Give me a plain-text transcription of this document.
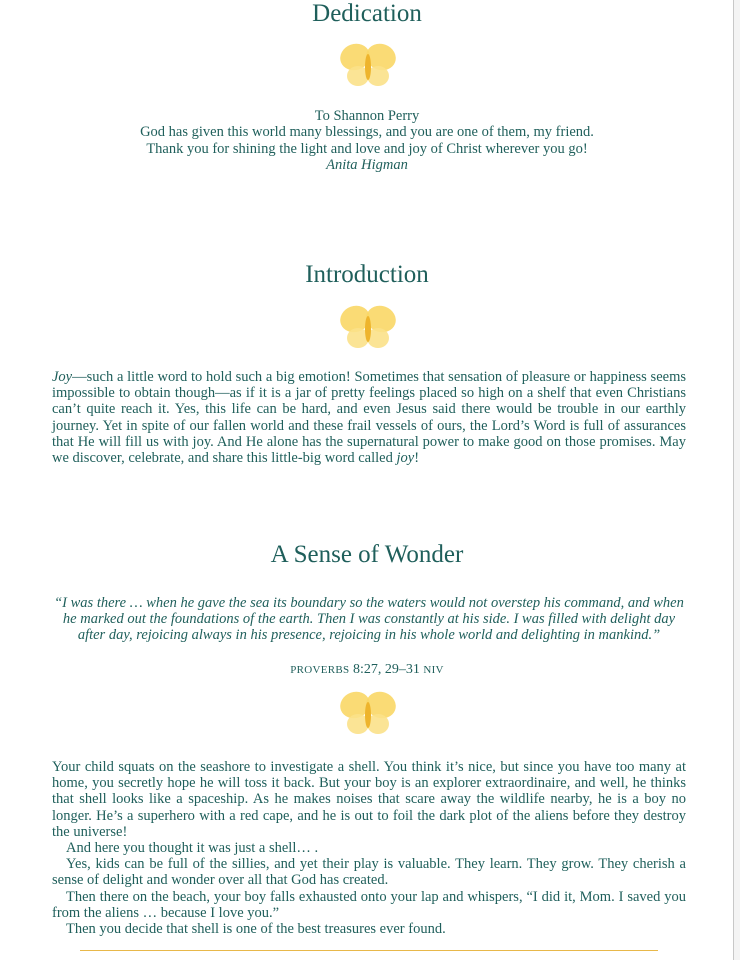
Dedication
To Shannon Perry
God has given this world many blessings, and you are one of them, my friend.
Thank you for shining the light and love and joy of Christ wherever you go!
Anita Higman
Introduction
Joy—such a little word to hold such a big emotion! Sometimes that sensation of pleasure or happiness seems impossible to obtain though—as if it is a jar of pretty feelings placed so high on a shelf that even Christians can’t quite reach it. Yes, this life can be hard, and even Jesus said there would be trouble in our earthly journey. Yet in spite of our fallen world and these frail vessels of ours, the Lord’s Word is full of assurances that He will fill us with joy. And He alone has the supernatural power to make good on those promises. May we discover, celebrate, and share this little-big word called joy!
A Sense of Wonder
“I was there … when he gave the sea its boundary so the waters would not overstep his command, and when he marked out the foundations of the earth. Then I was constantly at his side. I was filled with delight day after day, rejoicing always in his presence, rejoicing in his whole world and delighting in mankind.”
PROVERBS 8:27, 29–31 NIV

Your child squats on the seashore to investigate a shell. You think it’s nice, but since you have too many at home, you secretly hope he will toss it back. But your boy is an explorer extraordinaire, and well, he thinks that shell looks like a spaceship. As he makes noises that scare away the wildlife nearby, he is a boy no longer. He’s a superhero with a red cape, and he is out to foil the dark plot of the aliens before they destroy the universe!

And here you thought it was just a shell… .

Yes, kids can be full of the sillies, and yet their play is valuable. They learn. They grow. They cherish a sense of delight and wonder over all that God has created.

Then there on the beach, your boy falls exhausted onto your lap and whispers, “I did it, Mom. I saved you from the aliens … because I love you.”

Then you decide that shell is one of the best treasures ever found.
